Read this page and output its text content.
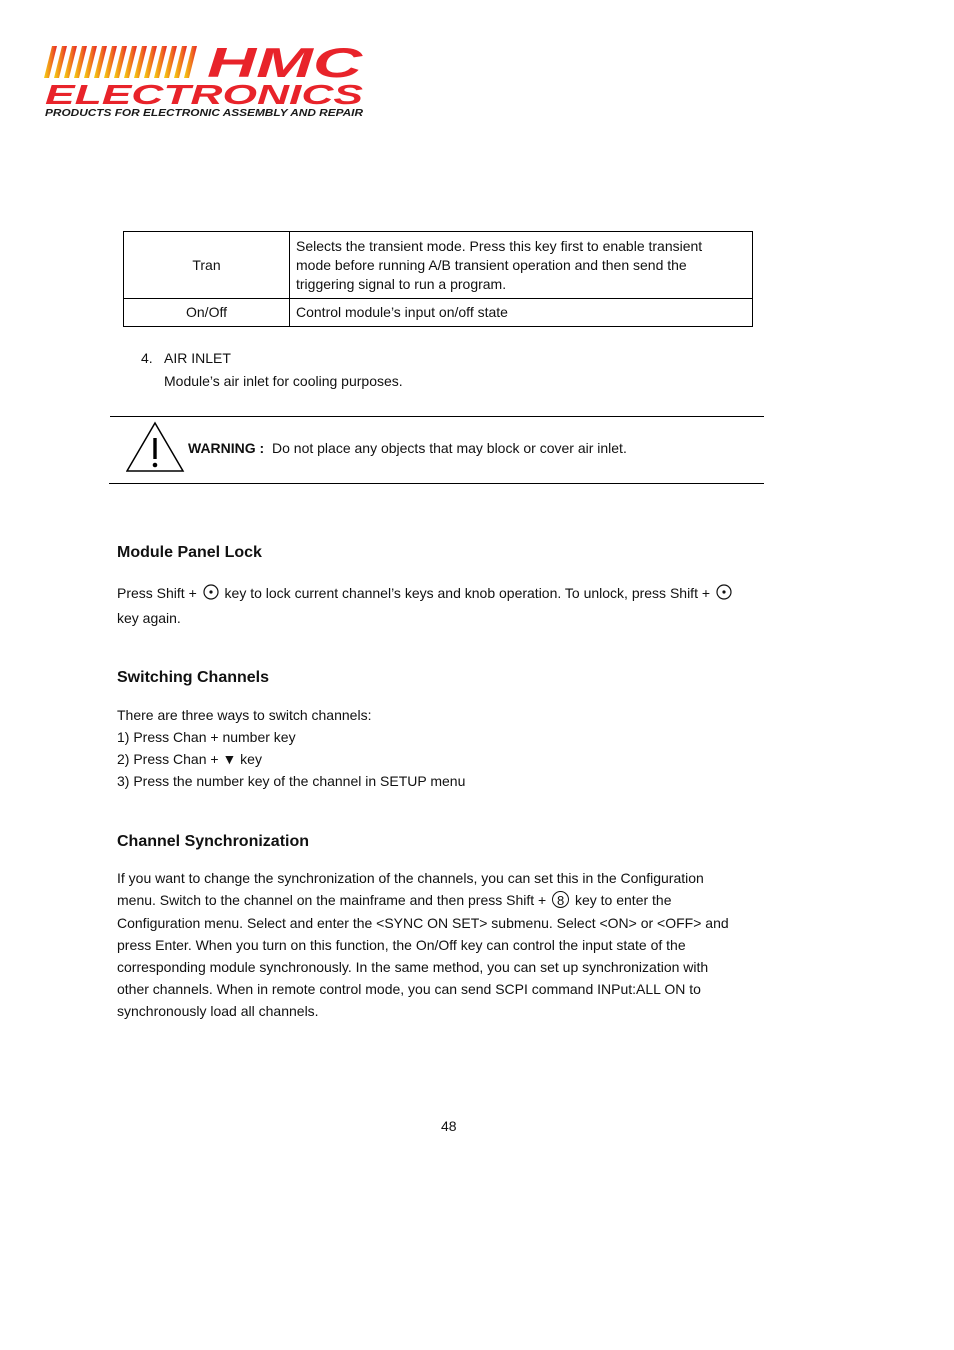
HMC
ELECTRONICS
PRODUCTS FOR ELECTRONIC ASSEMBLY AND REPAIR
Tran	Selects the transient mode. Press this key first to enable transient
mode before running A/B transient operation and then send the
triggering signal to run a program.

On/Off	Control module’s input on/off state
4. AIR INLET
Module’s air inlet for cooling purposes.
WARNING : Do not place any objects that may block or cover air inlet.
Module Panel Lock
Press Shift + key to lock current channel’s keys and knob operation. To unlock, press Shift +
key again.
Switching Channels
There are three ways to switch channels:
1) Press Chan + number key
2) Press Chan + ▼ key
3) Press the number key of the channel in SETUP menu
Channel Synchronization
If you want to change the synchronization of the channels, you can set this in the Configuration
menu. Switch to the channel on the mainframe and then press Shift + 8 key to enter the
Configuration menu. Select and enter the <SYNC ON SET> submenu. Select <ON> or <OFF> and
press Enter. When you turn on this function, the On/Off key can control the input state of the
corresponding module synchronously. In the same method, you can set up synchronization with
other channels. When in remote control mode, you can send SCPI command INPut:ALL ON to
synchronously load all channels.
48
